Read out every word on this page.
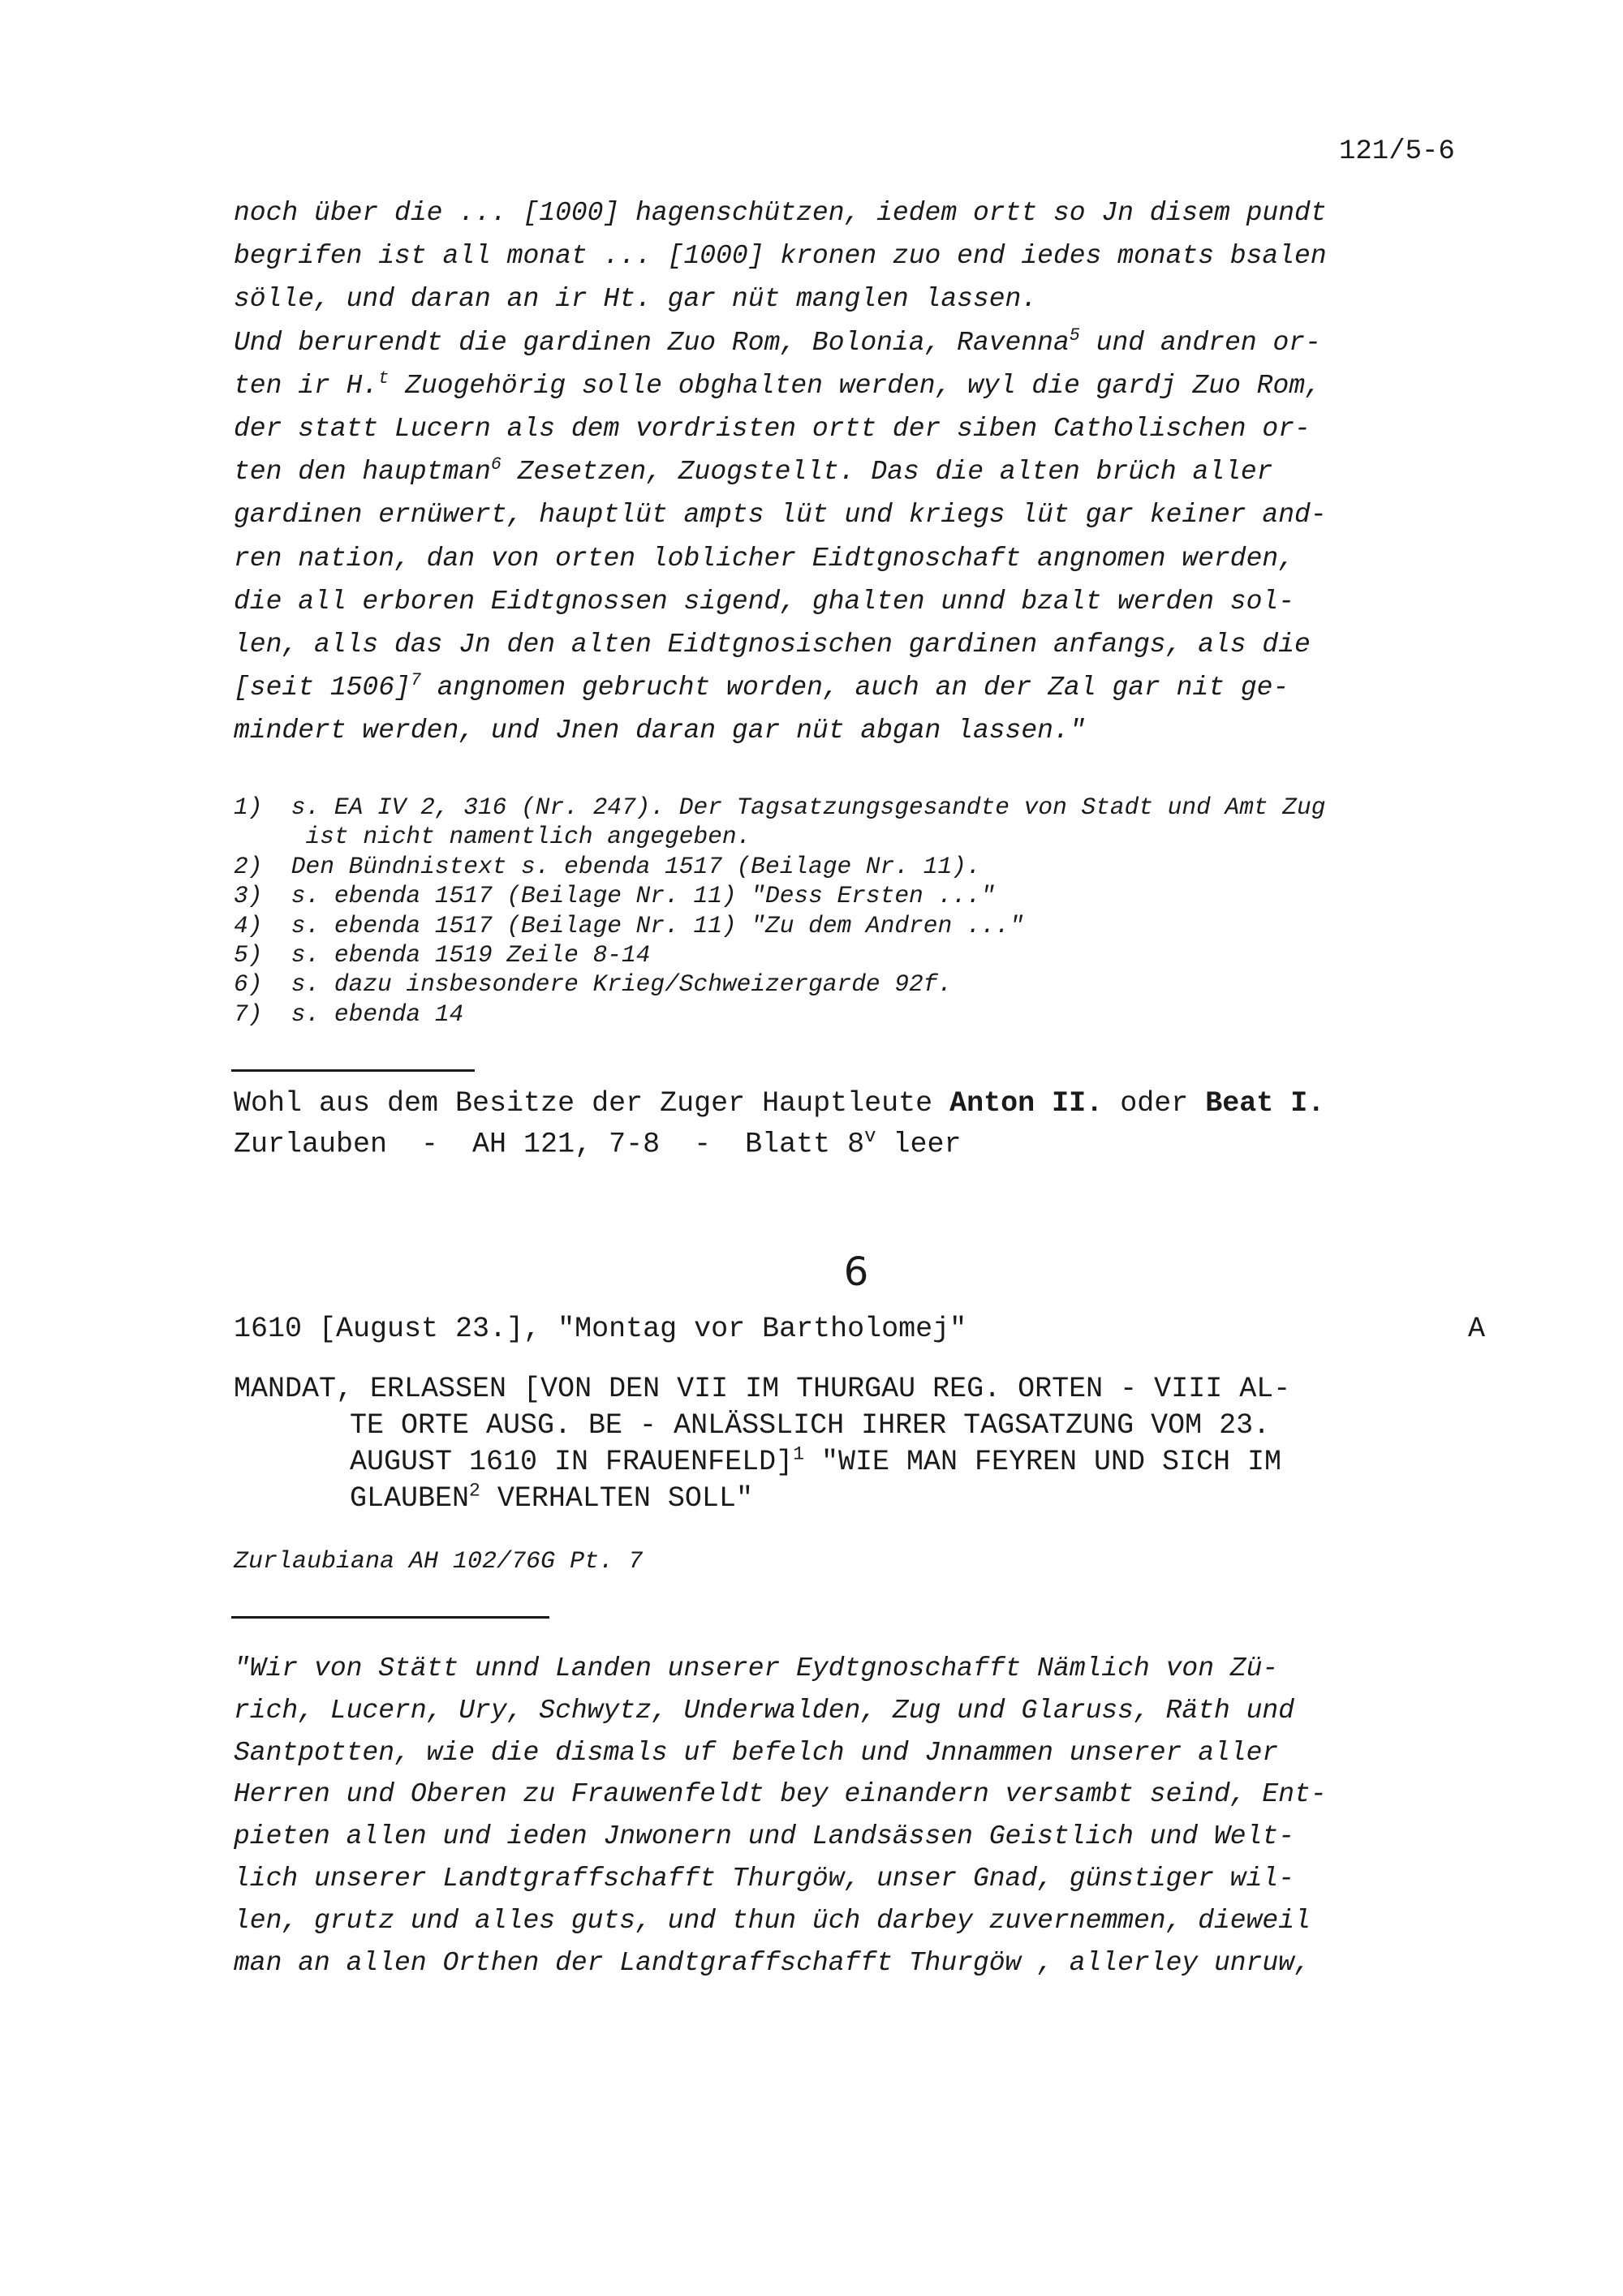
121/5-6
noch über die ... [1000] hagenschützen, iedem ortt so Jn disem pundt
begrifen ist all monat ... [1000] kronen zuo end iedes monats bsalen
sölle, und daran an ir Ht. gar nüt manglen lassen.
Und berurendt die gardinen Zuo Rom, Bolonia, Ravenna$^5$ und andren or-
ten ir H.$^t$ Zuogehörig solle obghalten werden, wyl die gardj Zuo Rom,
der statt Lucern als dem vordristen ortt der siben Catholischen or-
ten den hauptman$^6$ Zesetzen, Zuogstellt. Das die alten brüch aller
gardinen ernüwert, hauptlüt ampts lüt und kriegs lüt gar keiner and-
ren nation, dan von orten loblicher Eidtgnoschaft angnomen werden,
die all erboren Eidtgnossen sigend, ghalten unnd bzalt werden sol-
len, alls das Jn den alten Eidtgnosischen gardinen anfangs, als die
[seit 1506]$^7$ angnomen gebrucht worden, auch an der Zal gar nit ge-
mindert werden, und Jnen daran gar nüt abgan lassen."
1)  s. EA IV 2, 316 (Nr. 247). Der Tagsatzungsgesandte von Stadt und Amt Zug
ist nicht namentlich angegeben.
2)  Den Bündnistext s. ebenda 1517 (Beilage Nr. 11).
3)  s. ebenda 1517 (Beilage Nr. 11) "Dess Ersten ..."
4)  s. ebenda 1517 (Beilage Nr. 11) "Zu dem Andren ..."
5)  s. ebenda 1519 Zeile 8-14
6)  s. dazu insbesondere Krieg/Schweizergarde 92f.
7)  s. ebenda 14
Wohl aus dem Besitze der Zuger Hauptleute Anton II. oder Beat I.
Zurlauben  -  AH 121, 7-8  -  Blatt 8$^v$ leer
6
1610 [August 23.], "Montag vor Bartholomej"	A
MANDAT, ERLASSEN [VON DEN VII IM THURGAU REG. ORTEN - VIII AL-
TE ORTE AUSG. BE - ANLÄSSLICH IHRER TAGSATZUNG VOM 23.
AUGUST 1610 IN FRAUENFELD]$^1$ "WIE MAN FEYREN UND SICH IM
GLAUBEN$^2$ VERHALTEN SOLL"
Zurlaubiana AH 102/76G Pt. 7
"Wir von Stätt unnd Landen unserer Eydtgnoschafft Nämlich von Zü-
rich, Lucern, Ury, Schwytz, Underwalden, Zug und Glaruss, Räth und
Santpotten, wie die dismals uf befelch und Jnnammen unserer aller
Herren und Oberen zu Frauwenfeldt bey einandern versambt seind, Ent-
pieten allen und ieden Jnwonern und Landsässen Geistlich und Welt-
lich unserer Landtgraffschafft Thurgöw, unser Gnad, günstiger wil-
len, grutz und alles guts, und thun üch darbey zuvernemmen, dieweil
man an allen Orthen der Landtgraffschafft Thurgöw , allerley unruw,
